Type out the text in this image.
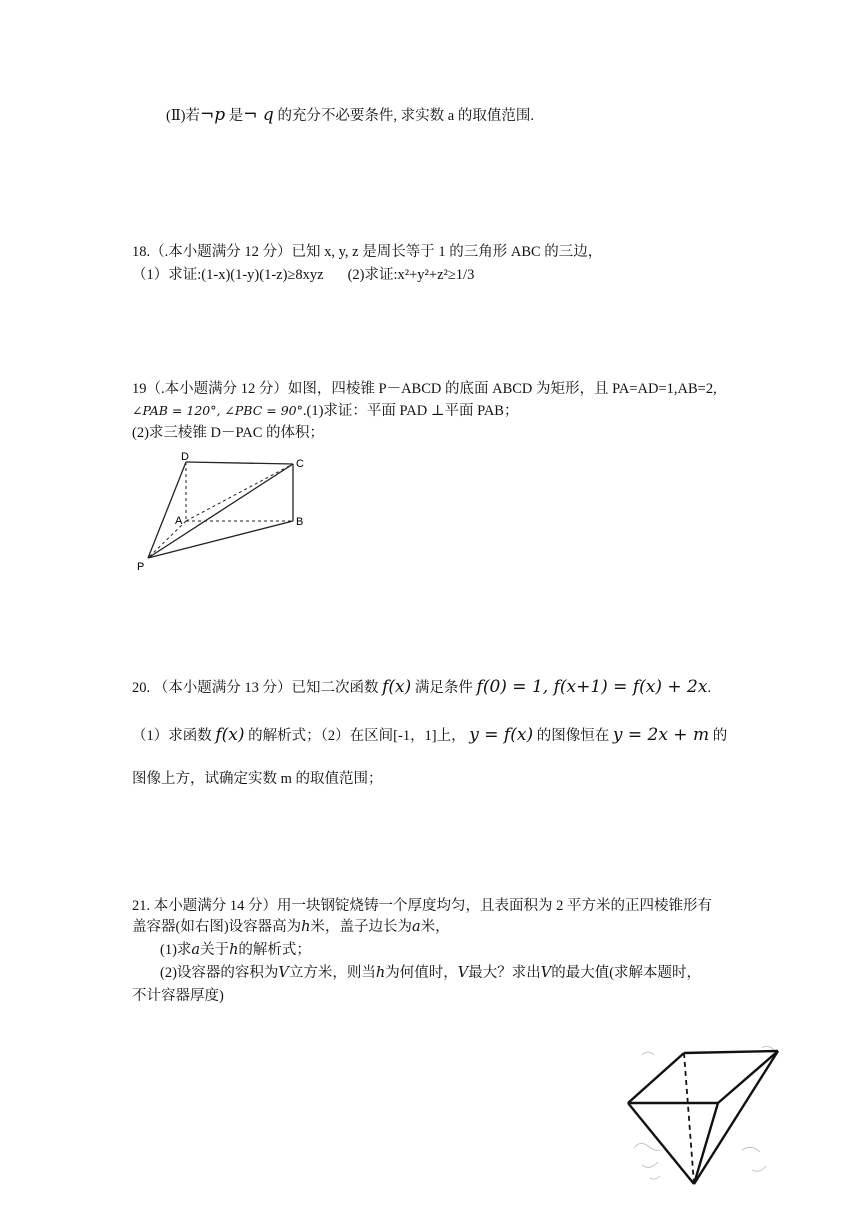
(Ⅱ)若¬p 是¬ q 的充分不必要条件, 求实数 a 的取值范围.
18.（.本小题满分 12 分）已知 x, y, z 是周长等于 1 的三角形 ABC 的三边，
（1）求证:(1-x)(1-y)(1-z)≥8xyz (2)求证:x²+y²+z²≥1/3
19（.本小题满分 12 分）如图，四棱锥 P－ABCD 的底面 ABCD 为矩形，且 PA=AD=1,AB=2,
∠PAB = 120°, ∠PBC = 90°.(1)求证：平面 PAD ⊥平面 PAB；
(2)求三棱锥 D－PAC 的体积；
D
C
A	B
P
20. （本小题满分 13 分）已知二次函数 f(x) 满足条件 f(0) = 1, f(x+1) = f(x) + 2x.
（1）求函数 f(x) 的解析式；（2）在区间[-1，1]上， y = f(x) 的图像恒在 y = 2x + m 的
图像上方，试确定实数 m 的取值范围；
21. 本小题满分 14 分）用一块钢锭烧铸一个厚度均匀，且表面积为 2 平方米的正四棱锥形有
盖容器(如右图)设容器高为h米，盖子边长为a米，
(1)求a关于h的解析式；
(2)设容器的容积为V立方米，则当h为何值时，V最大？求出V的最大值(求解本题时，
不计容器厚度)
